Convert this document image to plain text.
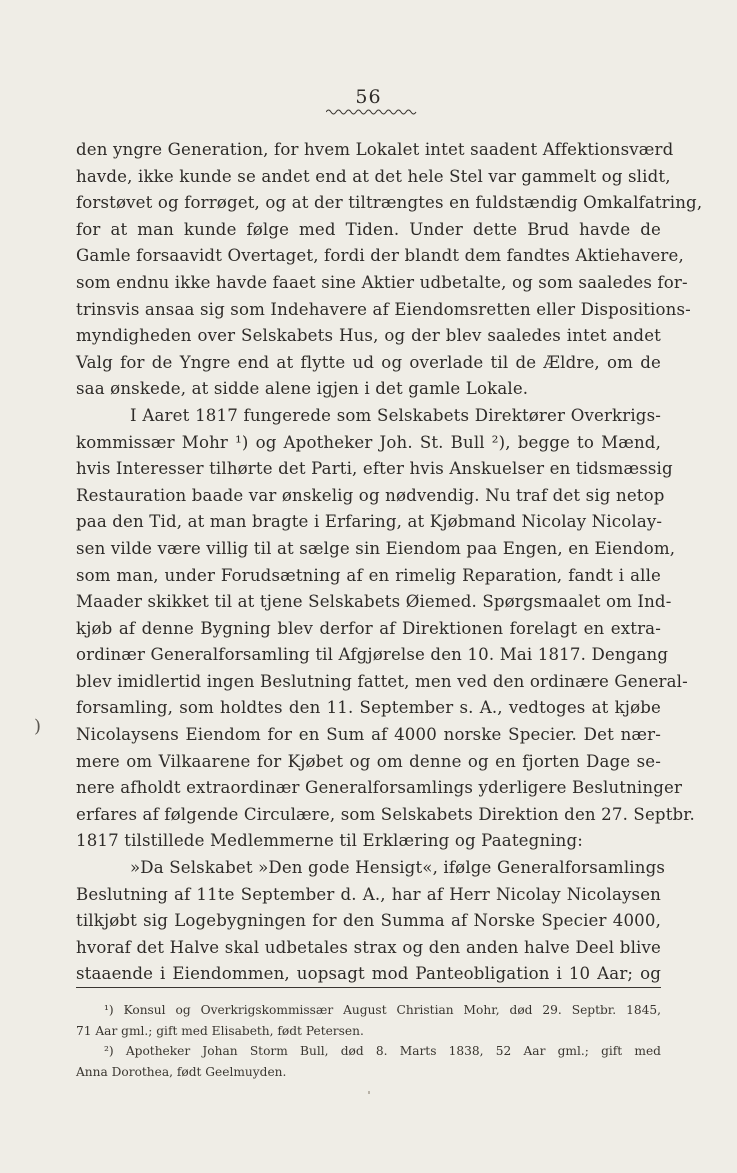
56
den yngre Generation, for hvem Lokalet intet saadent Affektionsværd
havde, ikke kunde se andet end at det hele Stel var gammelt og slidt,
forstøvet og forrøget, og at der tiltrængtes en fuldstændig Omkalfatring,
for at man kunde følge med Tiden. Under dette Brud havde de
Gamle forsaavidt Overtaget, fordi der blandt dem fandtes Aktiehavere,
som endnu ikke havde faaet sine Aktier udbetalte, og som saaledes for-
trinsvis ansaa sig som Indehavere af Eiendomsretten eller Dispositions-
myndigheden over Selskabets Hus, og der blev saaledes intet andet
Valg for de Yngre end at flytte ud og overlade til de Ældre, om de
saa ønskede, at sidde alene igjen i det gamle Lokale.
I Aaret 1817 fungerede som Selskabets Direktører Overkrigs-
kommissær Mohr ¹) og Apotheker Joh. St. Bull ²), begge to Mænd,
hvis Interesser tilhørte det Parti, efter hvis Anskuelser en tidsmæssig
Restauration baade var ønskelig og nødvendig. Nu traf det sig netop
paa den Tid, at man bragte i Erfaring, at Kjøbmand Nicolay Nicolay-
sen vilde være villig til at sælge sin Eiendom paa Engen, en Eiendom,
som man, under Forudsætning af en rimelig Reparation, fandt i alle
Maader skikket til at tjene Selskabets Øiemed. Spørgsmaalet om Ind-
kjøb af denne Bygning blev derfor af Direktionen forelagt en extra-
ordinær Generalforsamling til Afgjørelse den 10. Mai 1817. Dengang
blev imidlertid ingen Beslutning fattet, men ved den ordinære General-
forsamling, som holdtes den 11. September s. A., vedtoges at kjøbe
Nicolaysens Eiendom for en Sum af 4000 norske Specier. Det nær-
mere om Vilkaarene for Kjøbet og om denne og en fjorten Dage se-
nere afholdt extraordinær Generalforsamlings yderligere Beslutninger
erfares af følgende Circulære, som Selskabets Direktion den 27. Septbr.
1817 tilstillede Medlemmerne til Erklæring og Paategning:
»Da Selskabet »Den gode Hensigt«, ifølge Generalforsamlings
Beslutning af 11te September d. A., har af Herr Nicolay Nicolaysen
tilkjøbt sig Logebygningen for den Summa af Norske Specier 4000,
hvoraf det Halve skal udbetales strax og den anden halve Deel blive
staaende i Eiendommen, uopsagt mod Panteobligation i 10 Aar; og
)
¹) Konsul og Overkrigskommissær August Christian Mohr, død 29. Septbr. 1845,
71 Aar gml.; gift med Elisabeth, født Petersen.
²) Apotheker Johan Storm Bull, død 8. Marts 1838, 52 Aar gml.; gift med
Anna Dorothea, født Geelmuyden.
